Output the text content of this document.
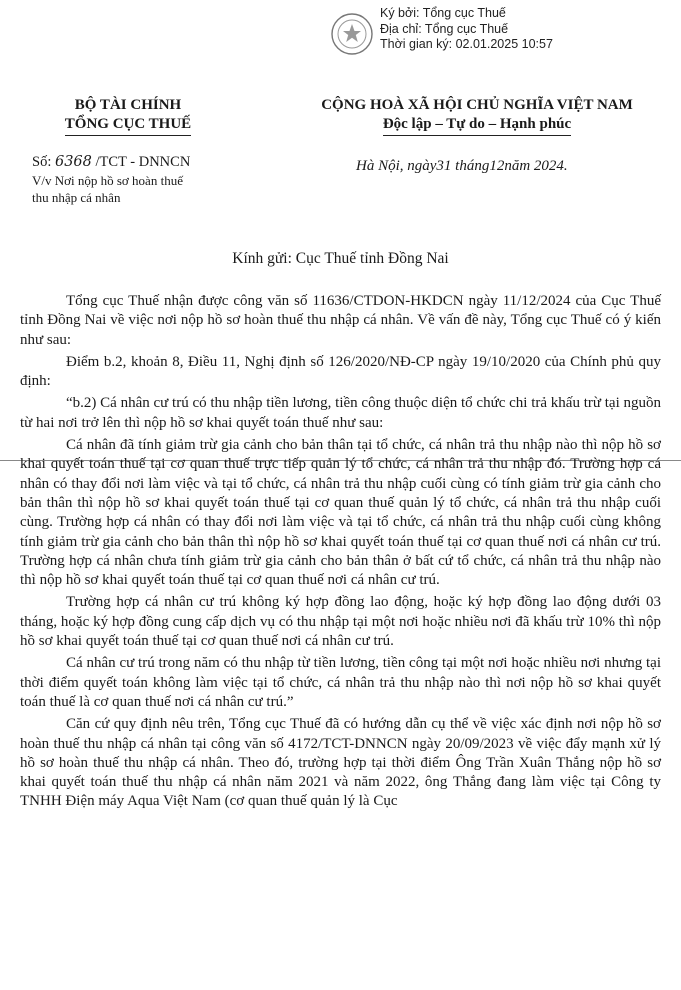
Ký bởi: Tổng cục Thuế
Địa chỉ: Tổng cục Thuế
Thời gian ký: 02.01.2025 10:57
BỘ TÀI CHÍNH
TỔNG CỤC THUẾ
CỘNG HOÀ XÃ HỘI CHỦ NGHĨA VIỆT NAM
Độc lập – Tự do – Hạnh phúc
Số: 6368 /TCT - DNNCN
V/v Nơi nộp hồ sơ hoàn thuế
thu nhập cá nhân
Hà Nội, ngày31 tháng12năm 2024.
Kính gửi: Cục Thuế tỉnh Đồng Nai

Tổng cục Thuế nhận được công văn số 11636/CTDON-HKDCN ngày 11/12/2024 của Cục Thuế tỉnh Đồng Nai về việc nơi nộp hồ sơ hoàn thuế thu nhập cá nhân. Về vấn đề này, Tổng cục Thuế có ý kiến như sau:

Điểm b.2, khoản 8, Điều 11, Nghị định số 126/2020/NĐ-CP ngày 19/10/2020 của Chính phủ quy định:

“b.2) Cá nhân cư trú có thu nhập tiền lương, tiền công thuộc diện tổ chức chi trả khấu trừ tại nguồn từ hai nơi trở lên thì nộp hồ sơ khai quyết toán thuế như sau:

Cá nhân đã tính giảm trừ gia cảnh cho bản thân tại tổ chức, cá nhân trả thu nhập nào thì nộp hồ sơ khai quyết toán thuế tại cơ quan thuế trực tiếp quản lý tổ chức, cá nhân trả thu nhập đó. Trường hợp cá nhân có thay đổi nơi làm việc và tại tổ chức, cá nhân trả thu nhập cuối cùng có tính giảm trừ gia cảnh cho bản thân thì nộp hồ sơ khai quyết toán thuế tại cơ quan thuế quản lý tổ chức, cá nhân trả thu nhập cuối cùng. Trường hợp cá nhân có thay đổi nơi làm việc và tại tổ chức, cá nhân trả thu nhập cuối cùng không tính giảm trừ gia cảnh cho bản thân thì nộp hồ sơ khai quyết toán thuế tại cơ quan thuế nơi cá nhân cư trú. Trường hợp cá nhân chưa tính giảm trừ gia cảnh cho bản thân ở bất cứ tổ chức, cá nhân trả thu nhập nào thì nộp hồ sơ khai quyết toán thuế tại cơ quan thuế nơi cá nhân cư trú.

Trường hợp cá nhân cư trú không ký hợp đồng lao động, hoặc ký hợp đồng lao động dưới 03 tháng, hoặc ký hợp đồng cung cấp dịch vụ có thu nhập tại một nơi hoặc nhiều nơi đã khấu trừ 10% thì nộp hồ sơ khai quyết toán thuế tại cơ quan thuế nơi cá nhân cư trú.

Cá nhân cư trú trong năm có thu nhập từ tiền lương, tiền công tại một nơi hoặc nhiều nơi nhưng tại thời điểm quyết toán không làm việc tại tổ chức, cá nhân trả thu nhập nào thì nơi nộp hồ sơ khai quyết toán thuế là cơ quan thuế nơi cá nhân cư trú.”

Căn cứ quy định nêu trên, Tổng cục Thuế đã có hướng dẫn cụ thể về việc xác định nơi nộp hồ sơ hoàn thuế thu nhập cá nhân tại công văn số 4172/TCT-DNNCN ngày 20/09/2023 về việc đẩy mạnh xử lý hồ sơ hoàn thuế thu nhập cá nhân. Theo đó, trường hợp tại thời điểm Ông Trần Xuân Thắng nộp hồ sơ khai quyết toán thuế thu nhập cá nhân năm 2021 và năm 2022, ông Thắng đang làm việc tại Công ty TNHH Điện máy Aqua Việt Nam (cơ quan thuế quản lý là Cục
